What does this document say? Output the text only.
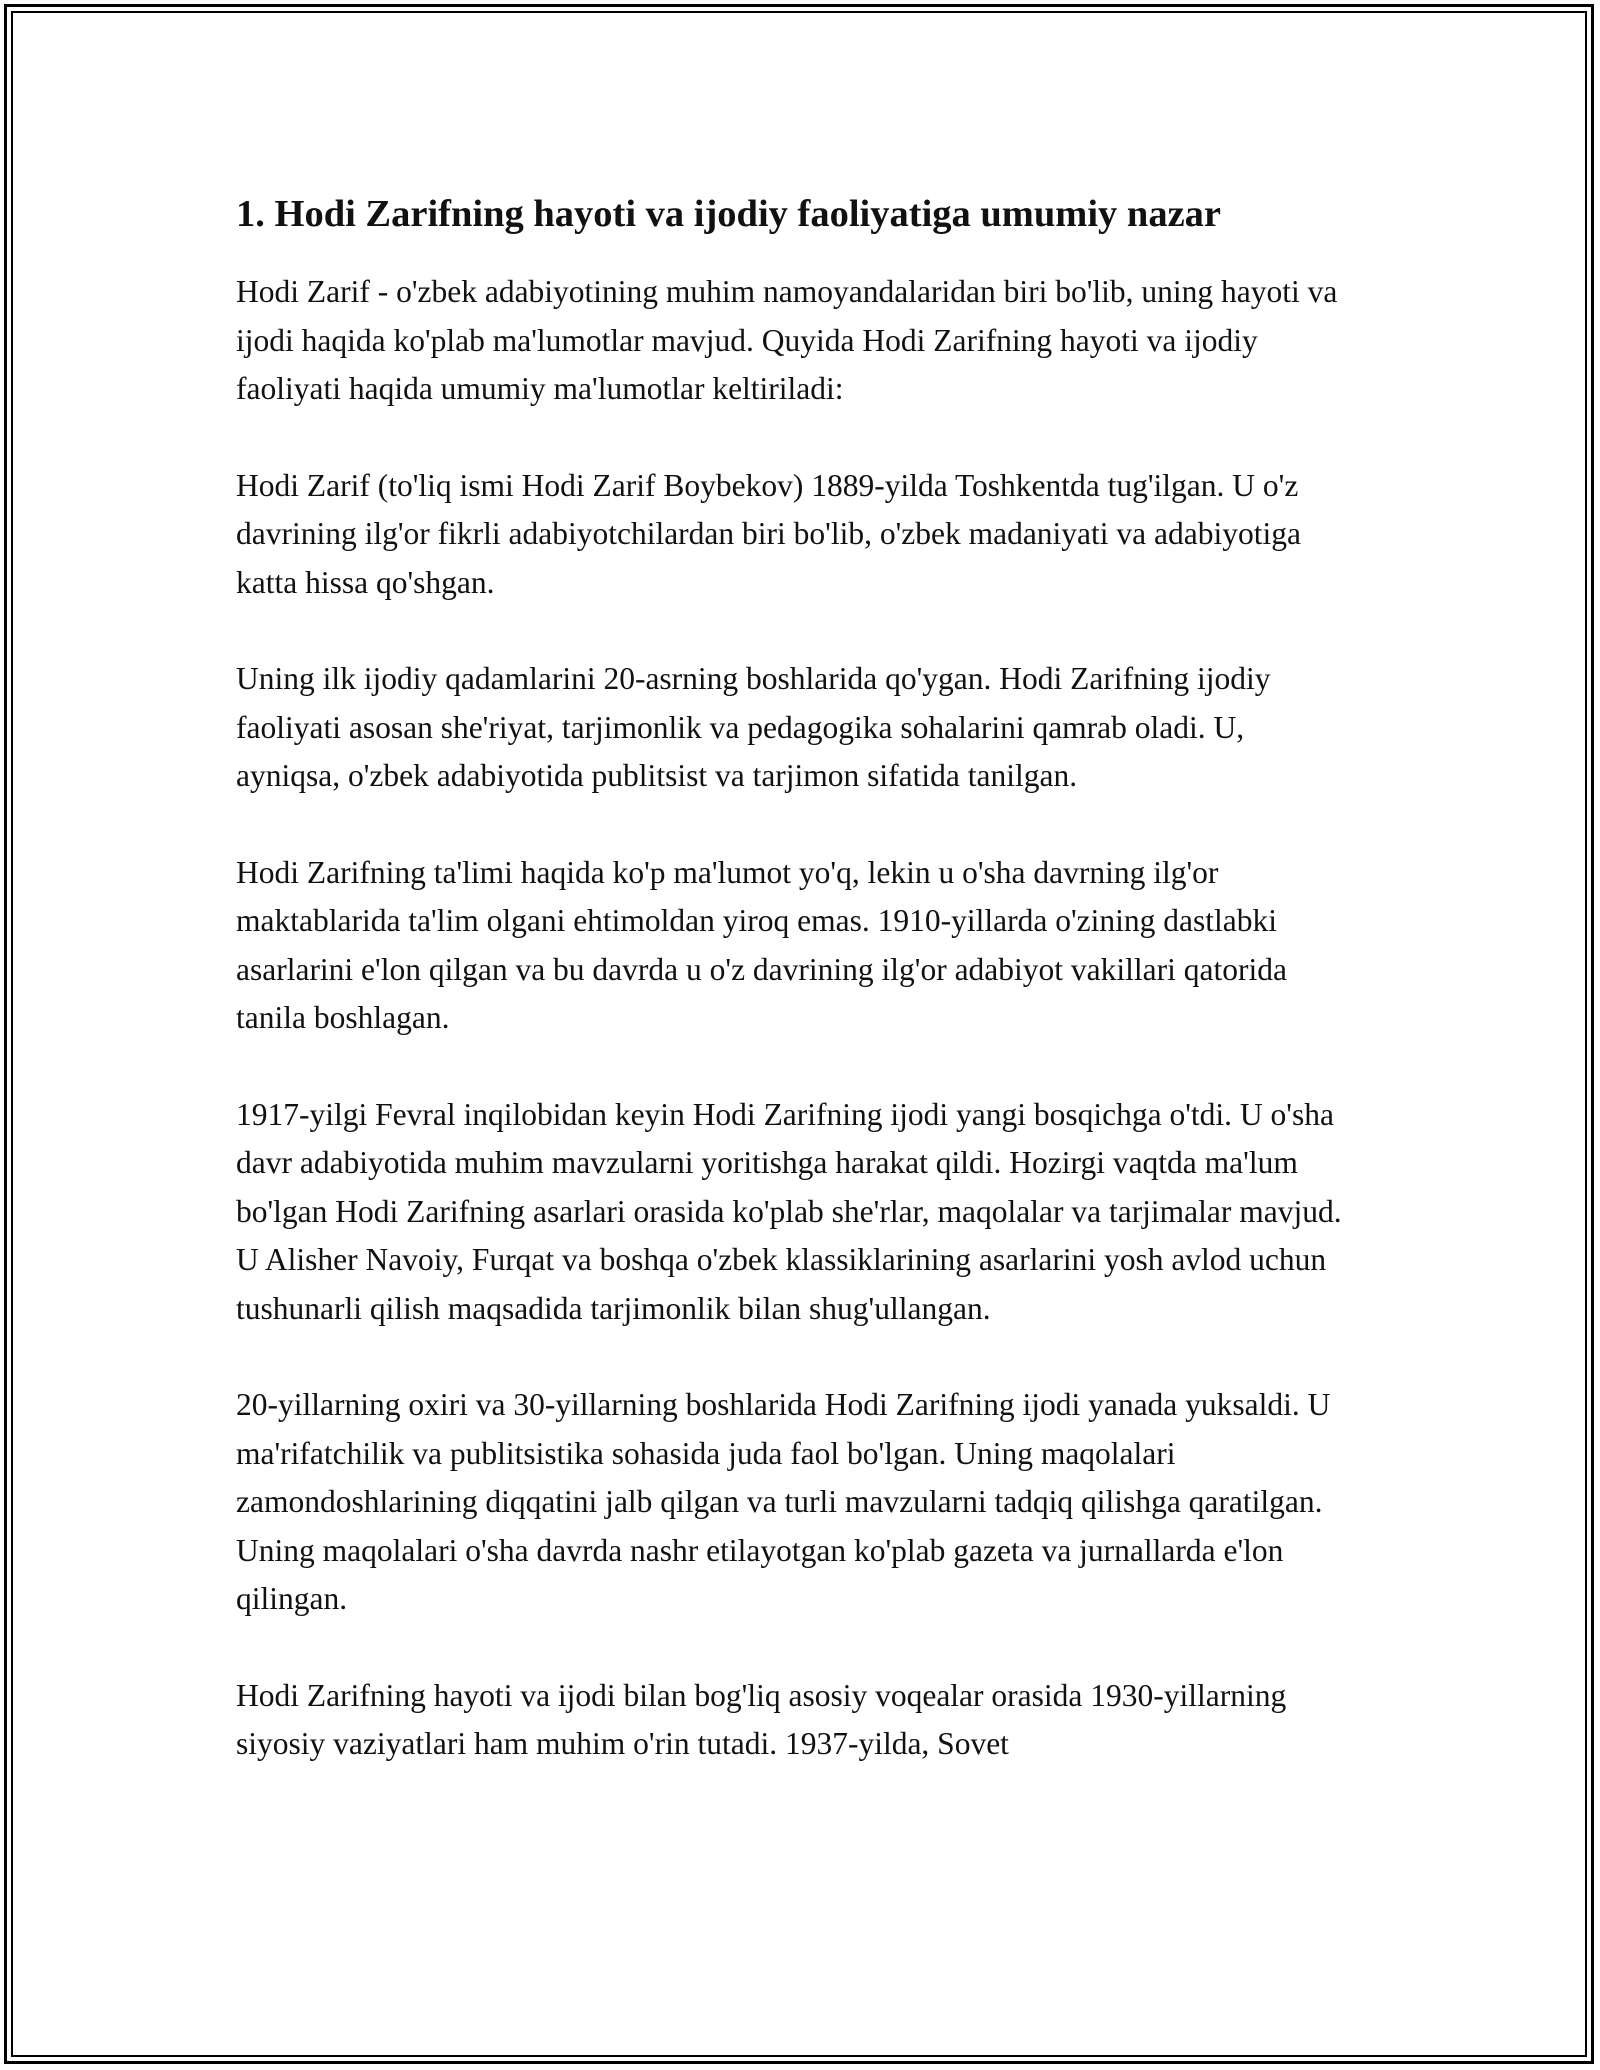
1. Hodi Zarifning hayoti va ijodiy faoliyatiga umumiy nazar

Hodi Zarif - o'zbek adabiyotining muhim namoyandalaridan biri bo'lib, uning hayoti va ijodi haqida ko'plab ma'lumotlar mavjud. Quyida Hodi Zarifning hayoti va ijodiy faoliyati haqida umumiy ma'lumotlar keltiriladi:

Hodi Zarif (to'liq ismi Hodi Zarif Boybekov) 1889-yilda Toshkentda tug'ilgan. U o'z davrining ilg'or fikrli adabiyotchilardan biri bo'lib, o'zbek madaniyati va adabiyotiga katta hissa qo'shgan.

Uning ilk ijodiy qadamlarini 20-asrning boshlarida qo'ygan. Hodi Zarifning ijodiy faoliyati asosan she'riyat, tarjimonlik va pedagogika sohalarini qamrab oladi. U, ayniqsa, o'zbek adabiyotida publitsist va tarjimon sifatida tanilgan.

Hodi Zarifning ta'limi haqida ko'p ma'lumot yo'q, lekin u o'sha davrning ilg'or maktablarida ta'lim olgani ehtimoldan yiroq emas. 1910-yillarda o'zining dastlabki asarlarini e'lon qilgan va bu davrda u o'z davrining ilg'or adabiyot vakillari qatorida tanila boshlagan.

1917-yilgi Fevral inqilobidan keyin Hodi Zarifning ijodi yangi bosqichga o'tdi. U o'sha davr adabiyotida muhim mavzularni yoritishga harakat qildi. Hozirgi vaqtda ma'lum bo'lgan Hodi Zarifning asarlari orasida ko'plab she'rlar, maqolalar va tarjimalar mavjud. U Alisher Navoiy, Furqat va boshqa o'zbek klassiklarining asarlarini yosh avlod uchun tushunarli qilish maqsadida tarjimonlik bilan shug'ullangan.

20-yillarning oxiri va 30-yillarning boshlarida Hodi Zarifning ijodi yanada yuksaldi. U ma'rifatchilik va publitsistika sohasida juda faol bo'lgan. Uning maqolalari zamondoshlarining diqqatini jalb qilgan va turli mavzularni tadqiq qilishga qaratilgan. Uning maqolalari o'sha davrda nashr etilayotgan ko'plab gazeta va jurnallarda e'lon qilingan.

Hodi Zarifning hayoti va ijodi bilan bog'liq asosiy voqealar orasida 1930-yillarning siyosiy vaziyatlari ham muhim o'rin tutadi. 1937-yilda, Sovet
